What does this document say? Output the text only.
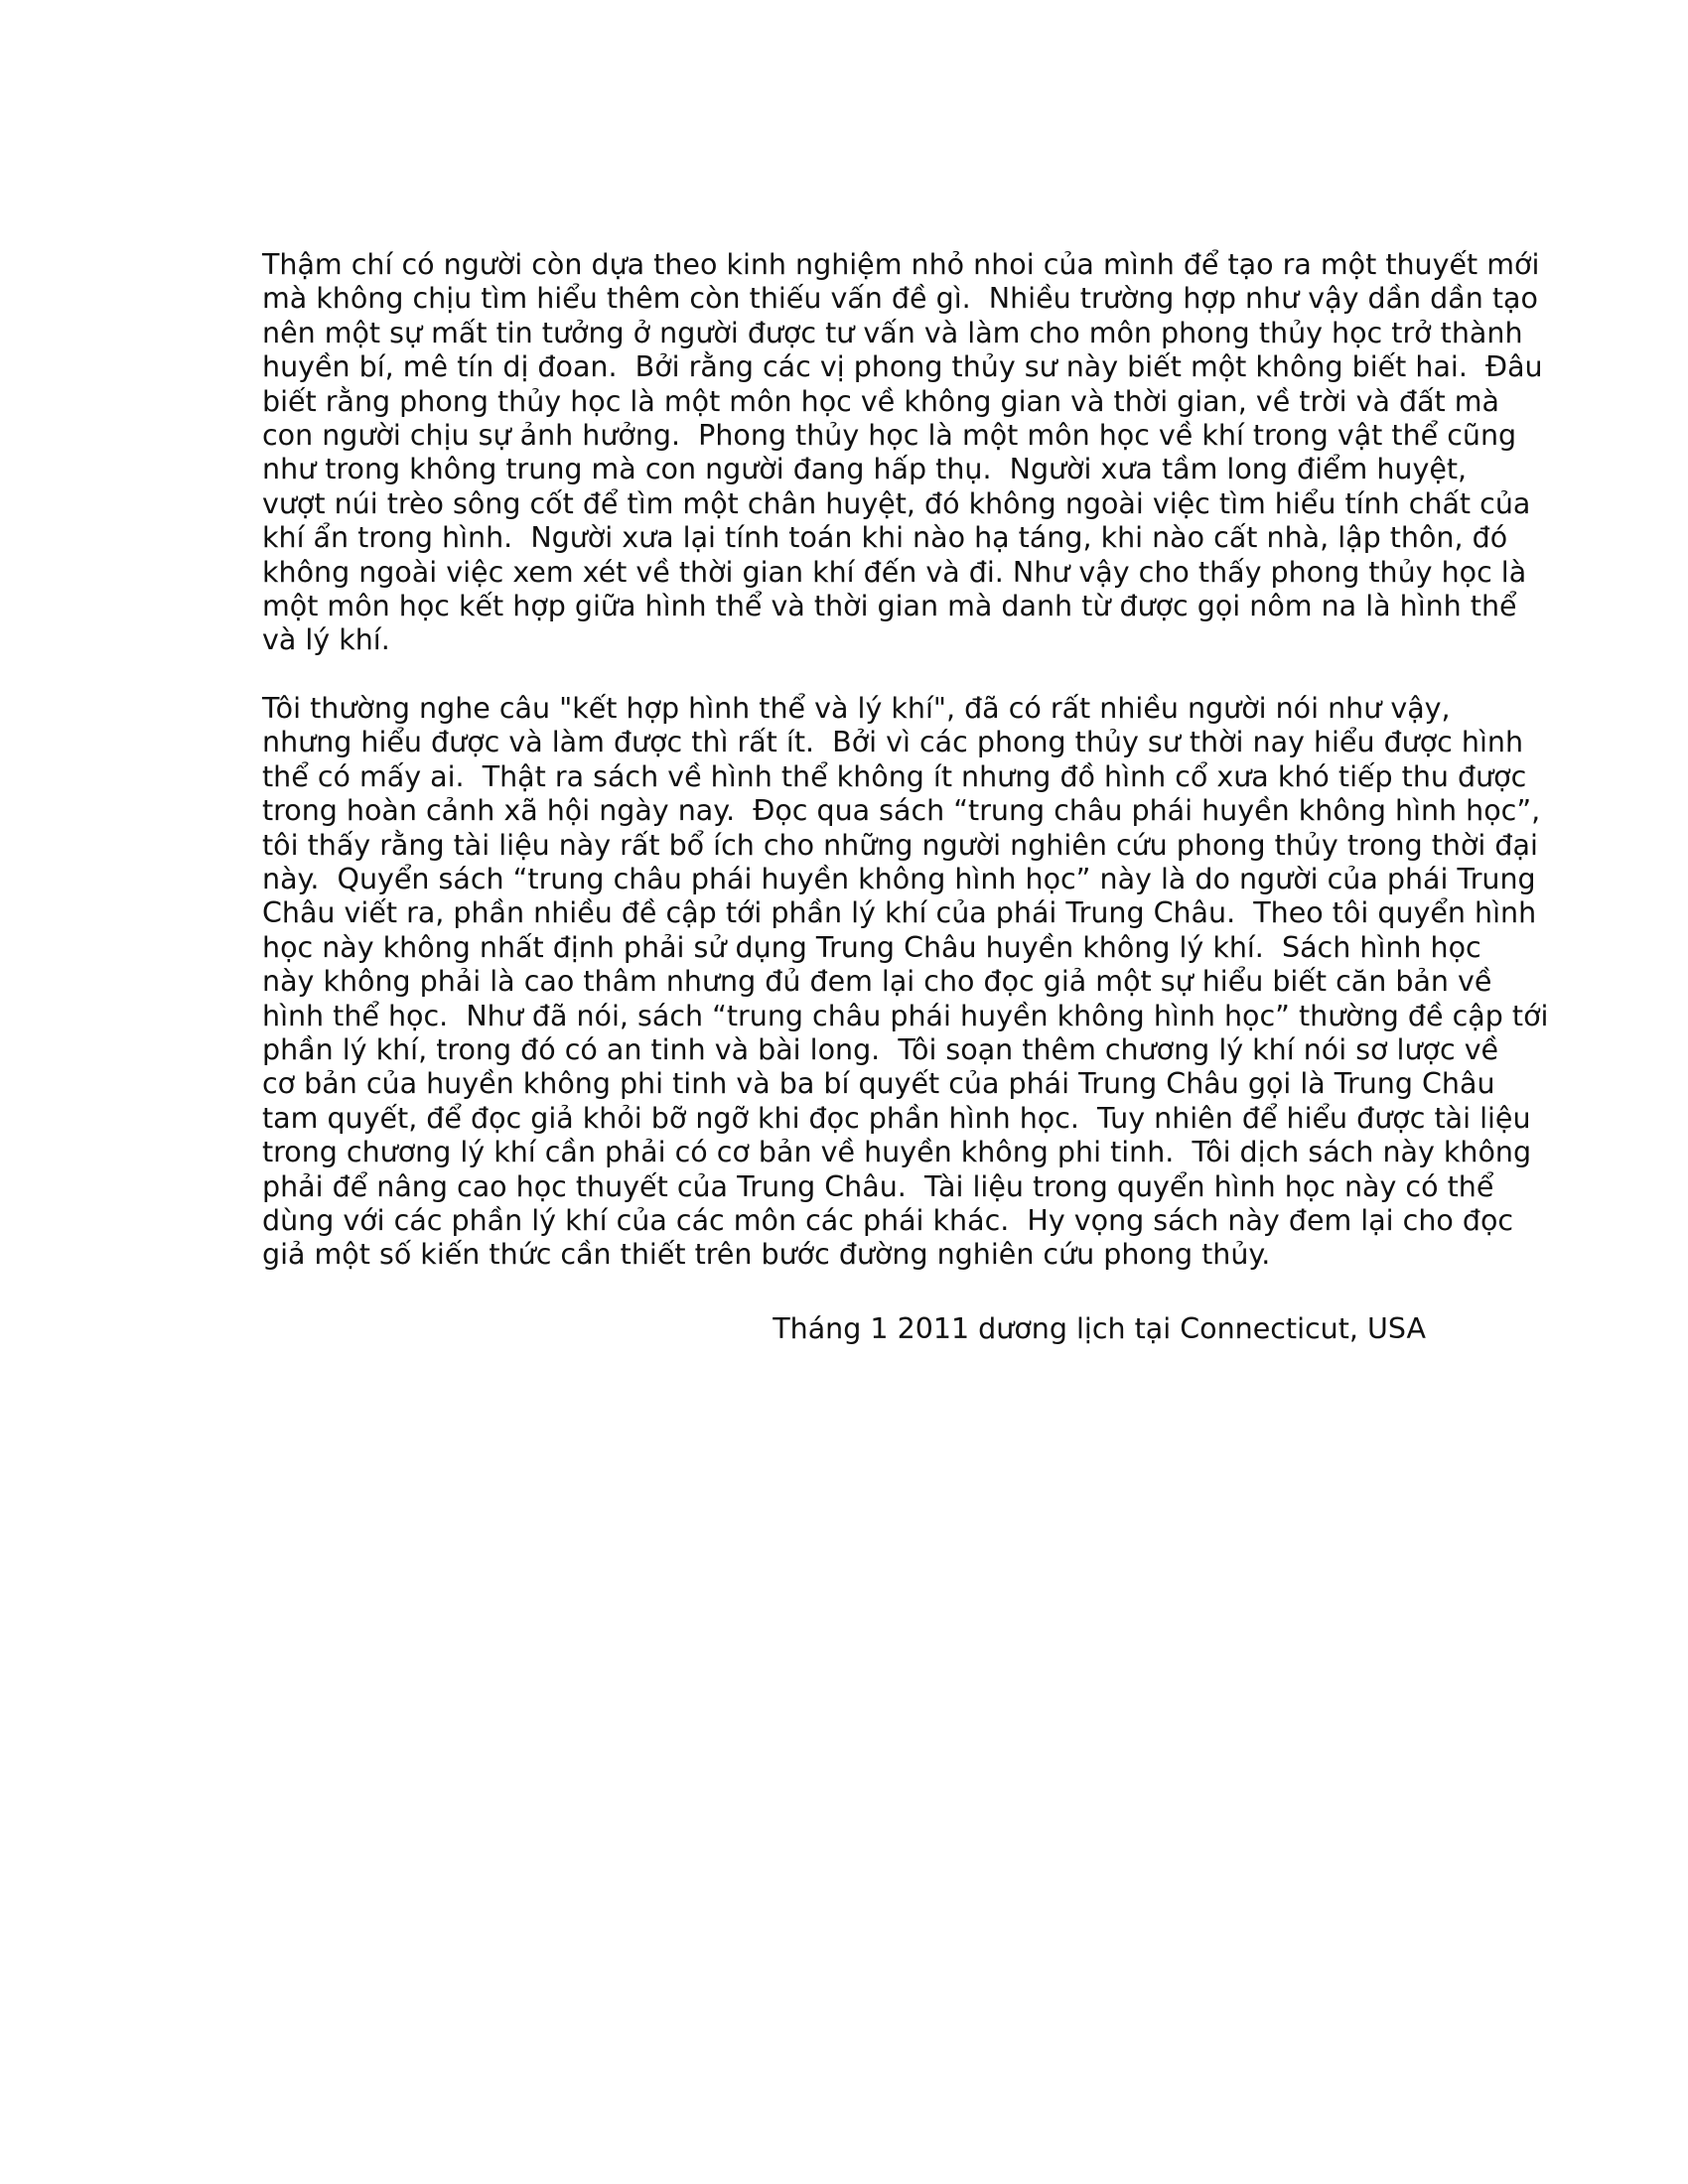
Thậm chí có người còn dựa theo kinh nghiệm nhỏ nhoi của mình để tạo ra một thuyết mới
mà không chịu tìm hiểu thêm còn thiếu vấn đề gì.  Nhiều trường hợp như vậy dần dần tạo
nên một sự mất tin tưởng ở người được tư vấn và làm cho môn phong thủy học trở thành
huyền bí, mê tín dị đoan.  Bởi rằng các vị phong thủy sư này biết một không biết hai.  Đâu
biết rằng phong thủy học là một môn học về không gian và thời gian, về trời và đất mà
con người chịu sự ảnh hưởng.  Phong thủy học là một môn học về khí trong vật thể cũng
như trong không trung mà con người đang hấp thụ.  Người xưa tầm long điểm huyệt,
vượt núi trèo sông cốt để tìm một chân huyệt, đó không ngoài việc tìm hiểu tính chất của
khí ẩn trong hình.  Người xưa lại tính toán khi nào hạ táng, khi nào cất nhà, lập thôn, đó
không ngoài việc xem xét về thời gian khí đến và đi. Như vậy cho thấy phong thủy học là
một môn học kết hợp giữa hình thể và thời gian mà danh từ được gọi nôm na là hình thể
và lý khí.
Tôi thường nghe câu "kết hợp hình thể và lý khí", đã có rất nhiều người nói như vậy,
nhưng hiểu được và làm được thì rất ít.  Bởi vì các phong thủy sư thời nay hiểu được hình
thể có mấy ai.  Thật ra sách về hình thể không ít nhưng đồ hình cổ xưa khó tiếp thu được
trong hoàn cảnh xã hội ngày nay.  Đọc qua sách “trung châu phái huyền không hình học”,
tôi thấy rằng tài liệu này rất bổ ích cho những người nghiên cứu phong thủy trong thời đại
này.  Quyển sách “trung châu phái huyền không hình học” này là do người của phái Trung
Châu viết ra, phần nhiều đề cập tới phần lý khí của phái Trung Châu.  Theo tôi quyển hình
học này không nhất định phải sử dụng Trung Châu huyền không lý khí.  Sách hình học
này không phải là cao thâm nhưng đủ đem lại cho đọc giả một sự hiểu biết căn bản về
hình thể học.  Như đã nói, sách “trung châu phái huyền không hình học” thường đề cập tới
phần lý khí, trong đó có an tinh và bài long.  Tôi soạn thêm chương lý khí nói sơ lược về
cơ bản của huyền không phi tinh và ba bí quyết của phái Trung Châu gọi là Trung Châu
tam quyết, để đọc giả khỏi bỡ ngỡ khi đọc phần hình học.  Tuy nhiên để hiểu được tài liệu
trong chương lý khí cần phải có cơ bản về huyền không phi tinh.  Tôi dịch sách này không
phải để nâng cao học thuyết của Trung Châu.  Tài liệu trong quyển hình học này có thể
dùng với các phần lý khí của các môn các phái khác.  Hy vọng sách này đem lại cho đọc
giả một số kiến thức cần thiết trên bước đường nghiên cứu phong thủy.
Tháng 1 2011 dương lịch tại Connecticut, USA
